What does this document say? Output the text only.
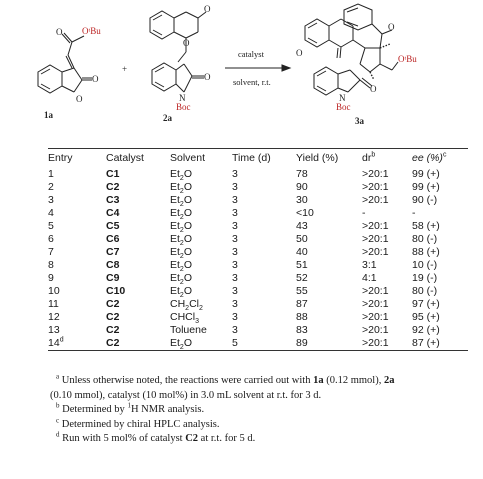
O
OᵗBu
O
O
1a
+
O
O
O
N
Boc
2a
catalyst
solvent, r.t.
O
O
O
OᵗBu
N
Boc
3a
Entry	Catalyst	Solvent	Time (d)	Yield (%)	$dr^b$	ee (%)$^c$
1	C1	$Et_2O$	3	78	>20:1	99 (+)
2	C2	$Et_2O$	3	90	>20:1	99 (+)
3	C3	$Et_2O$	3	30	>20:1	90 (-)
4	C4	$Et_2O$	3	<10	-	-
5	C5	$Et_2O$	3	43	>20:1	58 (+)
6	C6	$Et_2O$	3	50	>20:1	80 (-)
7	C7	$Et_2O$	3	40	>20:1	88 (+)
8	C8	$Et_2O$	3	51	3:1	10 (-)
9	C9	$Et_2O$	3	52	4:1	19 (-)
10	C10	$Et_2O$	3	55	>20:1	80 (-)
11	C2	$CH_2Cl_2$	3	87	>20:1	97 (+)
12	C2	CHCl$_3$	3	88	>20:1	95 (+)
13	C2	Toluene	3	83	>20:1	92 (+)
14$^d$	C2	$Et_2O$	5	89	>20:1	87 (+)

$^a$ Unless otherwise noted, the reactions were carried out with 1a (0.12 mmol), 2a

(0.10 mmol), catalyst (10 mol%) in 3.0 mL solvent at r.t. for 3 d.

$^b$ Determined by $^1$H NMR analysis.

$^c$ Determined by chiral HPLC analysis.

$^d$ Run with 5 mol% of catalyst C2 at r.t. for 5 d.
